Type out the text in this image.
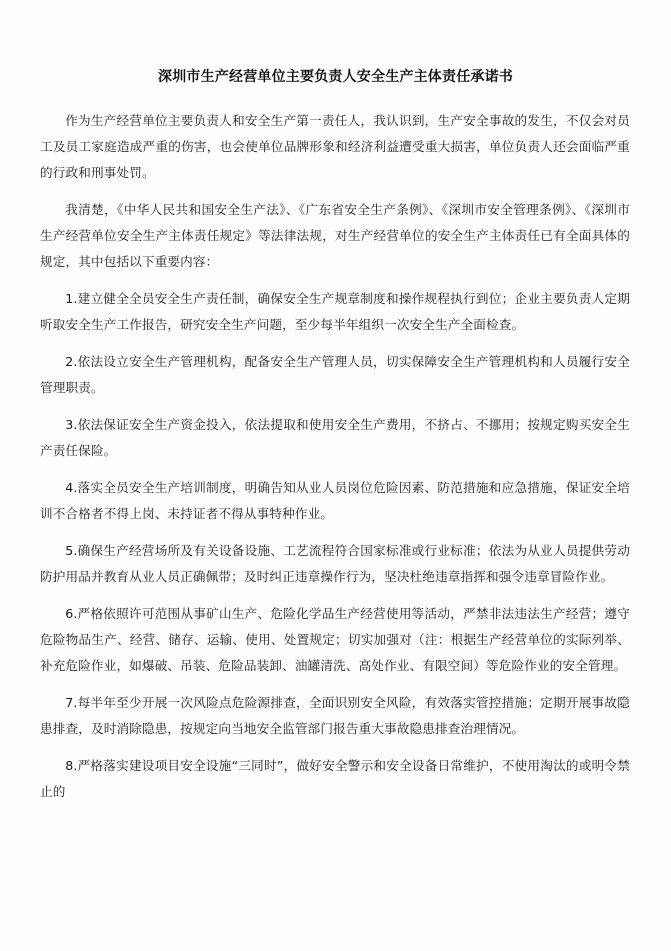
深圳市生产经营单位主要负责人安全生产主体责任承诺书

作为生产经营单位主要负责人和安全生产第一责任人，我认识到，生产安全事故的发生，不仅会对员工及员工家庭造成严重的伤害，也会使单位品牌形象和经济利益遭受重大损害，单位负责人还会面临严重的行政和刑事处罚。

我清楚，《中华人民共和国安全生产法》、《广东省安全生产条例》、《深圳市安全管理条例》、《深圳市生产经营单位安全生产主体责任规定》等法律法规，对生产经营单位的安全生产主体责任已有全面具体的规定，其中包括以下重要内容：

1.建立健全全员安全生产责任制，确保安全生产规章制度和操作规程执行到位；企业主要负责人定期听取安全生产工作报告，研究安全生产问题，至少每半年组织一次安全生产全面检查。

2.依法设立安全生产管理机构，配备安全生产管理人员，切实保障安全生产管理机构和人员履行安全管理职责。

3.依法保证安全生产资金投入，依法提取和使用安全生产费用，不挤占、不挪用；按规定购买安全生产责任保险。

4.落实全员安全生产培训制度，明确告知从业人员岗位危险因素、防范措施和应急措施，保证安全培训不合格者不得上岗、未持证者不得从事特种作业。

5.确保生产经营场所及有关设备设施、工艺流程符合国家标准或行业标准；依法为从业人员提供劳动防护用品并教育从业人员正确佩带；及时纠正违章操作行为，坚决杜绝违章指挥和强令违章冒险作业。

6.严格依照许可范围从事矿山生产、危险化学品生产经营使用等活动，严禁非法违法生产经营；遵守危险物品生产、经营、储存、运输、使用、处置规定；切实加强对（注：根据生产经营单位的实际列举、补充危险作业，如爆破、吊装、危险品装卸、油罐清洗、高处作业、有限空间）等危险作业的安全管理。

7.每半年至少开展一次风险点危险源排查，全面识别安全风险，有效落实管控措施；定期开展事故隐患排查，及时消除隐患，按规定向当地安全监管部门报告重大事故隐患排查治理情况。

8.严格落实建设项目安全设施“三同时”，做好安全警示和安全设备日常维护，不使用淘汰的或明令禁止的
